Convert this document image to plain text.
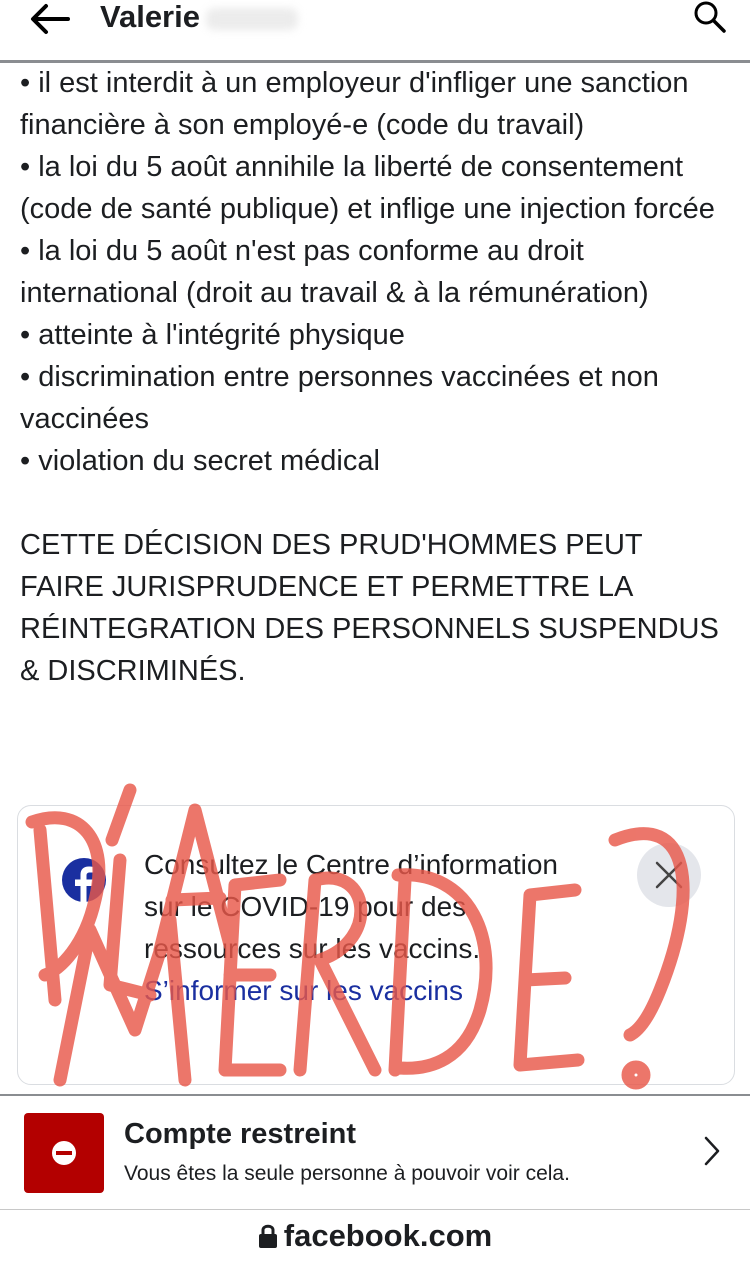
Valerie

• il est interdit à un employeur d'infliger une sanction financière à son employé-e (code du travail)

• la loi du 5 août annihile la liberté de consentement (code de santé publique) et inflige une injection forcée

• la loi du 5 août n'est pas conforme au droit international (droit au travail & à la rémunération)

• atteinte à l'intégrité physique

• discrimination entre personnes vaccinées et non vaccinées

• violation du secret médical

CETTE DÉCISION DES PRUD'HOMMES PEUT FAIRE JURISPRUDENCE ET PERMETTRE LA RÉINTEGRATION DES PERSONNELS SUSPENDUS & DISCRIMINÉS.

Consultez le Centre d’information sur le COVID-19 pour des ressources sur les vaccins.
S’informer sur les vaccins
Compte restreint
Vous êtes la seule personne à pouvoir voir cela.
facebook.com
